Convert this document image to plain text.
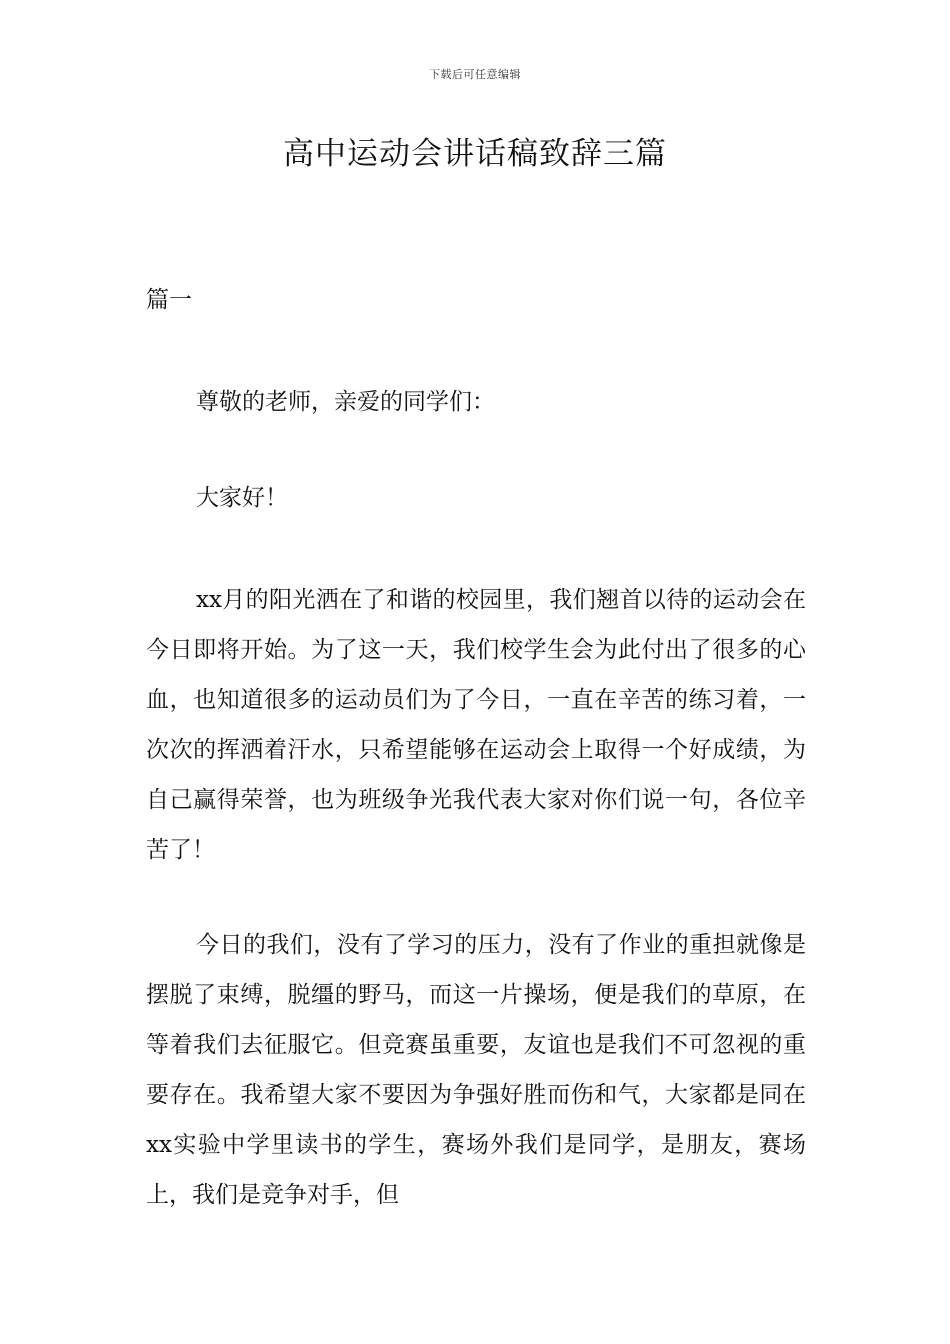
下载后可任意编辑
高中运动会讲话稿致辞三篇
篇一

尊敬的老师，亲爱的同学们：

大家好！

xx月的阳光洒在了和谐的校园里，我们翘首以待的运动会在今日即将开始。为了这一天，我们校学生会为此付出了很多的心血，也知道很多的运动员们为了今日，一直在辛苦的练习着，一次次的挥洒着汗水，只希望能够在运动会上取得一个好成绩，为自己赢得荣誉，也为班级争光我代表大家对你们说一句，各位辛苦了！

今日的我们，没有了学习的压力，没有了作业的重担就像是摆脱了束缚，脱缰的野马，而这一片操场，便是我们的草原，在等着我们去征服它。但竞赛虽重要，友谊也是我们不可忽视的重要存在。我希望大家不要因为争强好胜而伤和气，大家都是同在xx实验中学里读书的学生，赛场外我们是同学，是朋友，赛场上，我们是竞争对手，但
